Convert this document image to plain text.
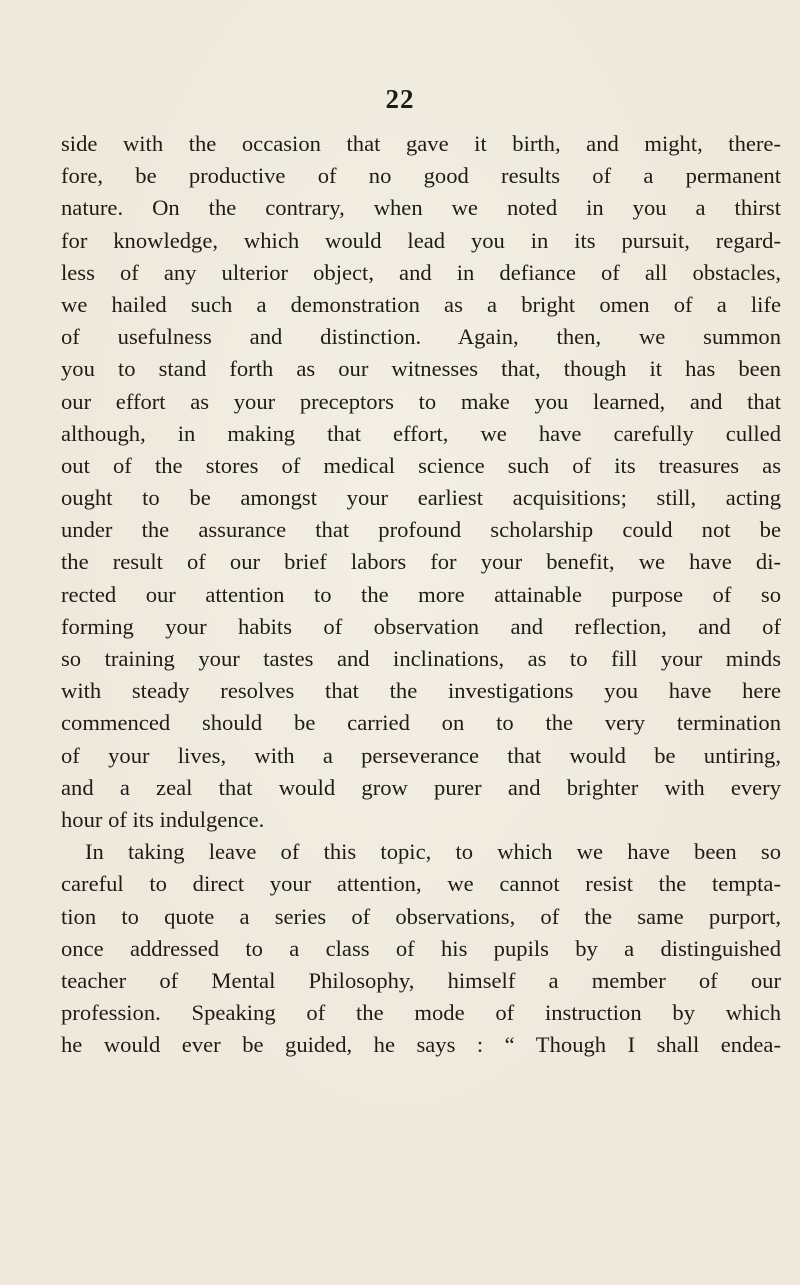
22
side with the occasion that gave it birth, and might, there-
fore, be productive of no good results of a permanent
nature. On the contrary, when we noted in you a thirst
for knowledge, which would lead you in its pursuit, regard-
less of any ulterior object, and in defiance of all obstacles,
we hailed such a demonstration as a bright omen of a life
of usefulness and distinction. Again, then, we summon
you to stand forth as our witnesses that, though it has been
our effort as your preceptors to make you learned, and that
although, in making that effort, we have carefully culled
out of the stores of medical science such of its treasures as
ought to be amongst your earliest acquisitions; still, acting
under the assurance that profound scholarship could not be
the result of our brief labors for your benefit, we have di-
rected our attention to the more attainable purpose of so
forming your habits of observation and reflection, and of
so training your tastes and inclinations, as to fill your minds
with steady resolves that the investigations you have here
commenced should be carried on to the very termination
of your lives, with a perseverance that would be untiring,
and a zeal that would grow purer and brighter with every
hour of its indulgence.
In taking leave of this topic, to which we have been so
careful to direct your attention, we cannot resist the tempta-
tion to quote a series of observations, of the same purport,
once addressed to a class of his pupils by a distinguished
teacher of Mental Philosophy, himself a member of our
profession. Speaking of the mode of instruction by which
he would ever be guided, he says : “ Though I shall endea-
